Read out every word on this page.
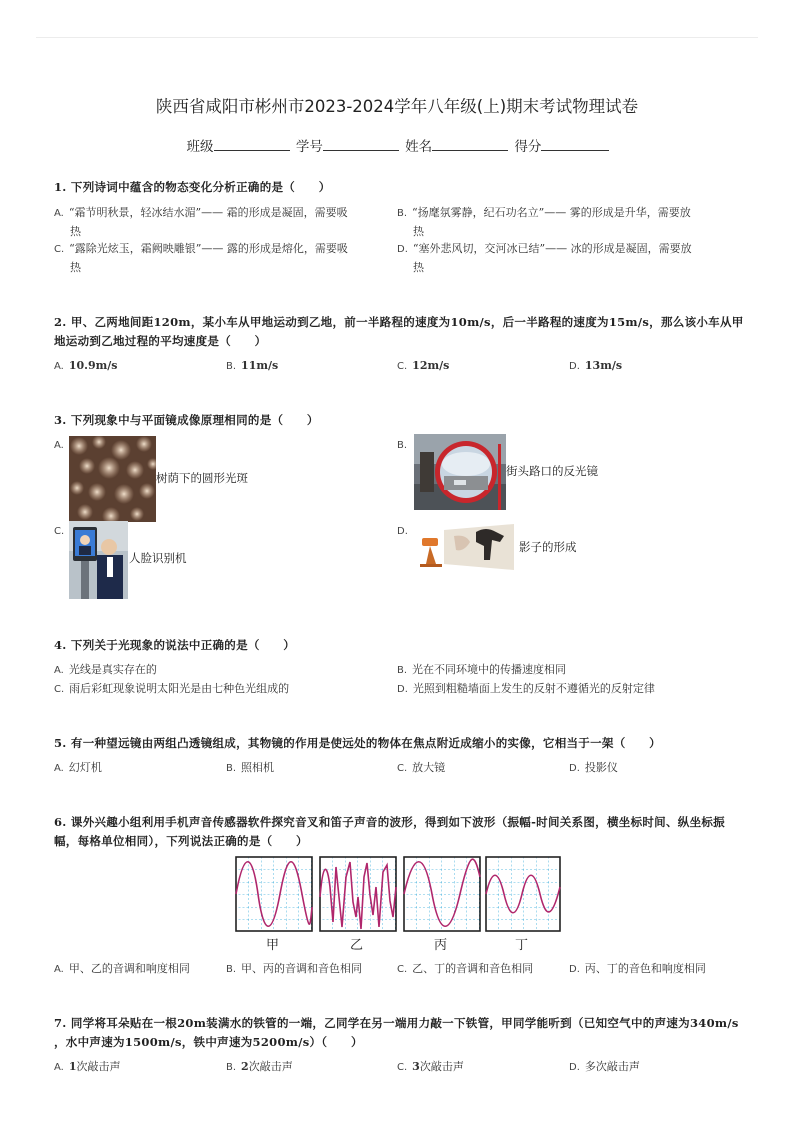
陕西省咸阳市彬州市2023-2024学年八年级(上)期末考试物理试卷
班级	学号	姓名	得分
1. 下列诗词中蕴含的物态变化分析正确的是（　　）
A. “霜节明秋景，轻冰结水湄”—— 霜的形成是凝固，需要吸
热
B. “扬麾氛雾静，纪石功名立”—— 雾的形成是升华，需要放
热
C. “露除光炫玉，霜阙映雕银”—— 露的形成是熔化，需要吸
热
D. “塞外悲风切，交河冰已结”—— 冰的形成是凝固，需要放
热
2. 甲、乙两地间距120m，某小车从甲地运动到乙地，前一半路程的速度为10m/s，后一半路程的速度为15m/s，那么该小车从甲
地运动到乙地过程的平均速度是（　　）
A. 10.9m/s	B. 11m/s	C. 12m/s	D. 13m/s
3. 下列现象中与平面镜成像原理相同的是（　　）
A.
树荫下的圆形光斑
B.
街头路口的反光镜
C.
人脸识别机
D.
影子的形成
4. 下列关于光现象的说法中正确的是（　　）
A. 光线是真实存在的	B. 光在不同环境中的传播速度相同
C. 雨后彩虹现象说明太阳光是由七种色光组成的	D. 光照到粗糙墙面上发生的反射不遵循光的反射定律
5. 有一种望远镜由两组凸透镜组成，其物镜的作用是使远处的物体在焦点附近成缩小的实像，它相当于一架（　　）
A. 幻灯机	B. 照相机	C. 放大镜	D. 投影仪
6. 课外兴趣小组利用手机声音传感器软件探究音叉和笛子声音的波形，得到如下波形（振幅-时间关系图，横坐标时间、纵坐标振
幅，每格单位相同），下列说法正确的是（　　）
甲	乙	丙	丁
A. 甲、乙的音调和响度相同	B. 甲、丙的音调和音色相同	C. 乙、丁的音调和音色相同	D. 丙、丁的音色和响度相同
7. 同学将耳朵贴在一根20m装满水的铁管的一端，乙同学在另一端用力敲一下铁管，甲同学能听到（已知空气中的声速为340m/s
，水中声速为1500m/s，铁中声速为5200m/s）（　　）
A. 1次敲击声	B. 2次敲击声	C. 3次敲击声	D. 多次敲击声
